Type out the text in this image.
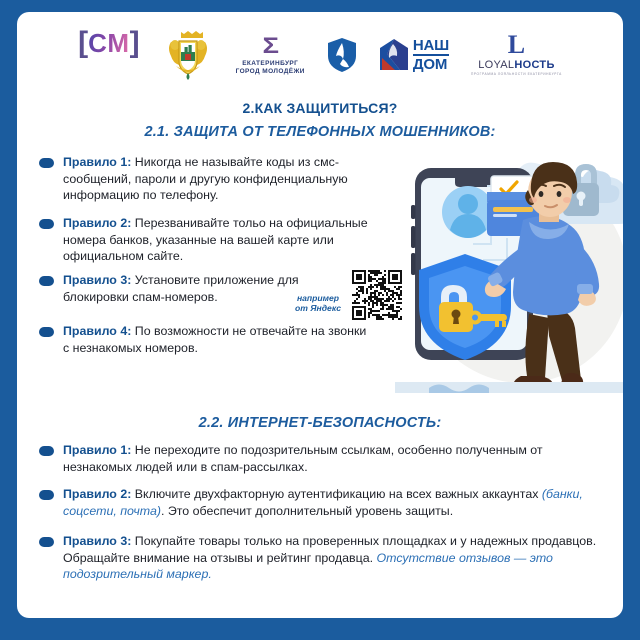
[ CM ]	Σ
ЕКАТЕРИНБУРГ
ГОРОД МОЛОДЁЖИ
НАШ
ДОМ
L
LOYALНОСТЬ
ПРОГРАММА ЛОЯЛЬНОСТИ ЕКАТЕРИНБУРГА
2.КАК ЗАЩИТИТЬСЯ?
2.1. ЗАЩИТА ОТ ТЕЛЕФОННЫХ МОШЕННИКОВ:
Правило 1: Никогда не называйте коды из смс-сообщений, пароли и другую конфиденциальную информацию по телефону.
Правило 2: Перезванивайте тольо на официальные номера банков, указанные на вашей карте или официальном сайте.
Правило 3: Установите приложение для блокировки спам-номеров.	например
от Яндекс
Правило 4: По возможности не отвечайте на звонки с незнакомых номеров.
2.2. ИНТЕРНЕТ-БЕЗОПАСНОСТЬ:
Правило 1: Не переходите по подозрительным ссылкам, особенно полученным от незнакомых людей или в спам-рассылках.
Правило 2: Включите двухфакторную аутентификацию на всех важных аккаунтах (банки, соцсети, почта). Это обеспечит дополнительный уровень защиты.
Правило 3: Покупайте товары только на проверенных площадках и у надежных продавцов. Обращайте внимание на отзывы и рейтинг продавца. Отсутствие отзывов — это подозрительный маркер.
